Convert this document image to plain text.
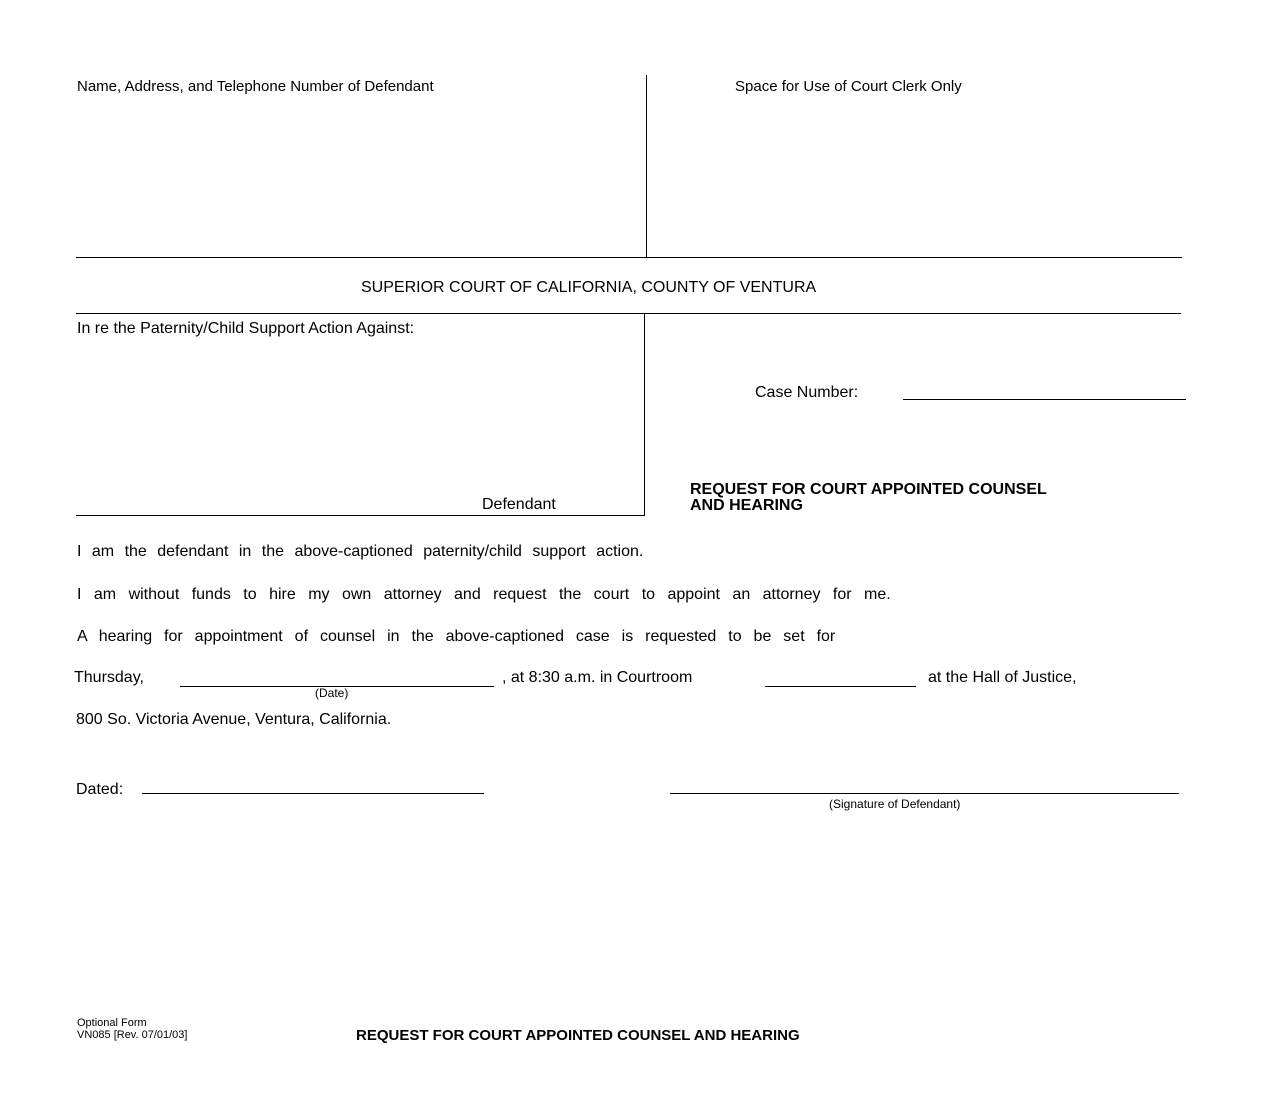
Name, Address, and Telephone Number of Defendant	Space for Use of Court Clerk Only
SUPERIOR COURT OF CALIFORNIA, COUNTY OF VENTURA
In re the Paternity/Child Support Action Against:
Defendant
Case Number:
REQUEST FOR COURT APPOINTED COUNSEL
AND HEARING
I am the defendant in the above-captioned paternity/child support action.
I am without funds to hire my own attorney and request the court to appoint an attorney for me.
A hearing for appointment of counsel in the above-captioned case is requested to be set for
Thursday,
(Date)
, at 8:30 a.m. in Courtroom	at the Hall of Justice,
800 So. Victoria Avenue, Ventura, California.
Dated:
(Signature of Defendant)
Optional Form
VN085 [Rev. 07/01/03]	REQUEST FOR COURT APPOINTED COUNSEL AND HEARING
